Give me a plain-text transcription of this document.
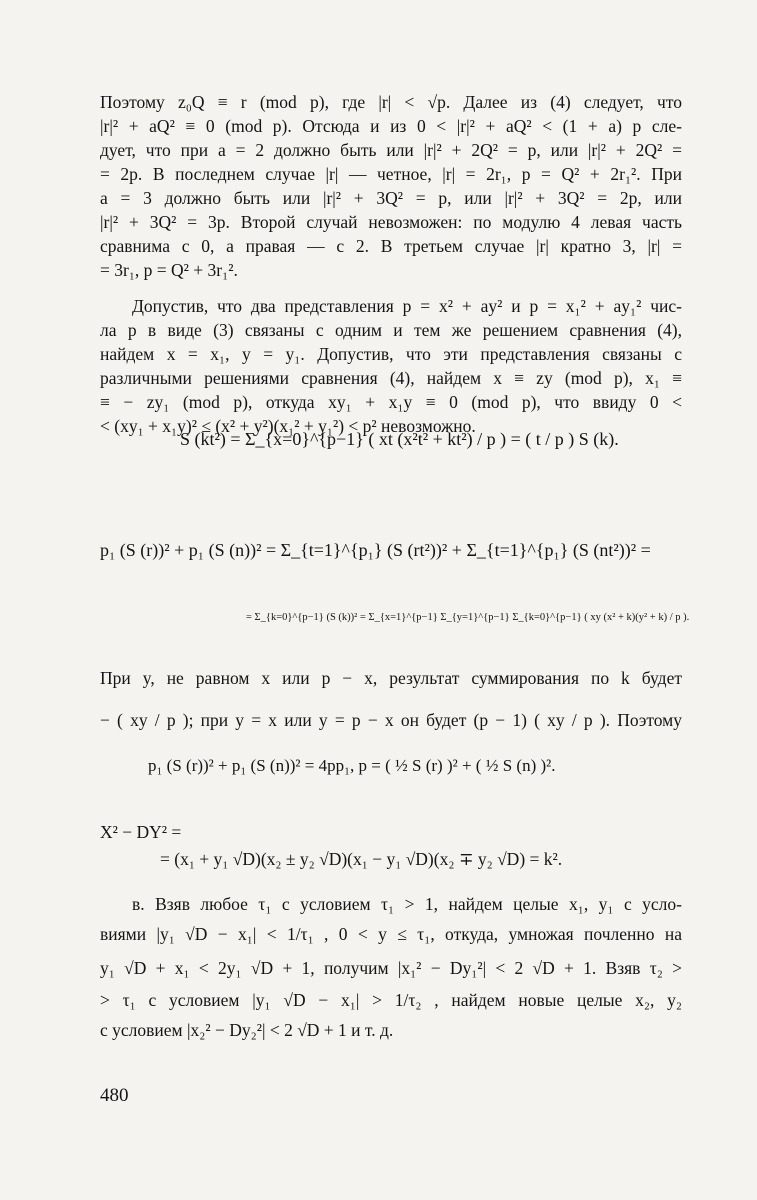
Поэтому z₀Q ≡ r (mod p), где |r| < √p. Далее из (4) следует, что
|r|² + aQ² ≡ 0 (mod p). Отсюда и из 0 < |r|² + aQ² < (1 + a) p сле-
дует, что при a = 2 должно быть или |r|² + 2Q² = p, или |r|² + 2Q² =
= 2p. В последнем случае |r| — четное, |r| = 2r₁, p = Q² + 2r₁². При
a = 3 должно быть или |r|² + 3Q² = p, или |r|² + 3Q² = 2p, или
|r|² + 3Q² = 3p. Второй случай невозможен: по модулю 4 левая часть
сравнима с 0, а правая — с 2. В третьем случае |r| кратно 3, |r| =
= 3r₁, p = Q² + 3r₁².
Допустив, что два представления p = x² + ay² и p = x₁² + ay₁² чис-
ла p в виде (3) связаны с одним и тем же решением сравнения (4),
найдем x = x₁, y = y₁. Допустив, что эти представления связаны с
различными решениями сравнения (4), найдем x ≡ zy (mod p), x₁ ≡
≡ − zy₁ (mod p), откуда xy₁ + x₁y ≡ 0 (mod p), что ввиду 0 <
< (xy₁ + x₁y)² ≤ (x² + y²)(x₁² + y₁²) < p² невозможно.
S (kt²) = Σ_{x=0}^{p−1} ( xt (x²t² + kt²) / p ) = ( t / p ) S (k).
p₁ (S (r))² + p₁ (S (n))² = Σ_{t=1}^{p₁} (S (rt²))² + Σ_{t=1}^{p₁} (S (nt²))² =
= Σ_{k=0}^{p−1} (S (k))² = Σ_{x=1}^{p−1} Σ_{y=1}^{p−1} Σ_{k=0}^{p−1} ( xy (x² + k)(y² + k) / p ).
При y, не равном x или p − x, результат суммирования по k будет
− ( xy / p ); при y = x или y = p − x он будет (p − 1) ( xy / p ). Поэтому
p₁ (S (r))² + p₁ (S (n))² = 4pp₁, p = ( ½ S (r) )² + ( ½ S (n) )².
X² − DY² =
= (x₁ + y₁ √D)(x₂ ± y₂ √D)(x₁ − y₁ √D)(x₂ ∓ y₂ √D) = k².
в. Взяв любое τ₁ с условием τ₁ > 1, найдем целые x₁, y₁ с усло-
виями |y₁ √D − x₁| < 1/τ₁ , 0 < y ≤ τ₁, откуда, умножая почленно на
y₁ √D + x₁ < 2y₁ √D + 1, получим |x₁² − Dy₁²| < 2 √D + 1. Взяв τ₂ >
> τ₁ с условием |y₁ √D − x₁| > 1/τ₂ , найдем новые целые x₂, y₂
с условием |x₂² − Dy₂²| < 2 √D + 1 и т. д.
480
